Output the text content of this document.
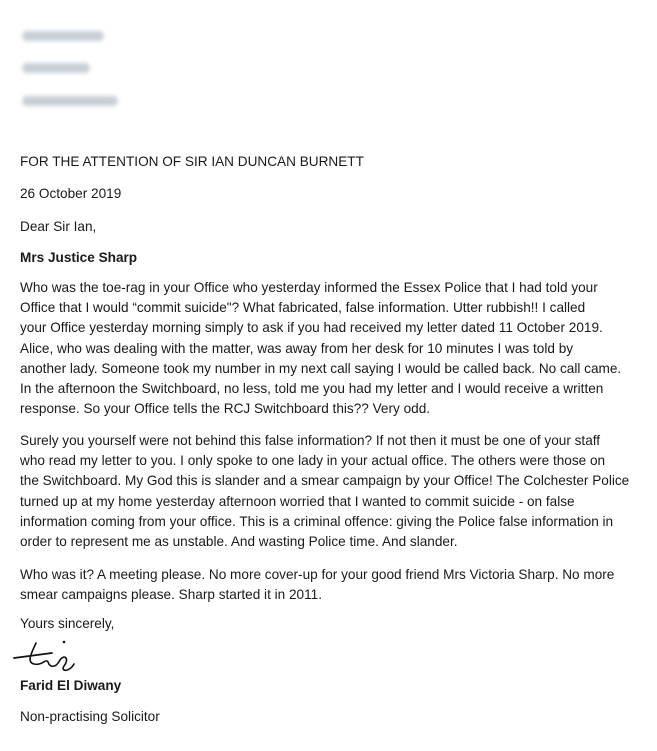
FOR THE ATTENTION OF SIR IAN DUNCAN BURNETT
26 October 2019
Dear Sir Ian,
Mrs Justice Sharp
Who was the toe-rag in your Office who yesterday informed the Essex Police that I had told your
Office that I would “commit suicide"? What fabricated, false information. Utter rubbish!! I called
your Office yesterday morning simply to ask if you had received my letter dated 11 October 2019.
Alice, who was dealing with the matter, was away from her desk for 10 minutes I was told by
another lady. Someone took my number in my next call saying I would be called back. No call came.
In the afternoon the Switchboard, no less, told me you had my letter and I would receive a written
response. So your Office tells the RCJ Switchboard this?? Very odd.
Surely you yourself were not behind this false information? If not then it must be one of your staff
who read my letter to you. I only spoke to one lady in your actual office. The others were those on
the Switchboard. My God this is slander and a smear campaign by your Office! The Colchester Police
turned up at my home yesterday afternoon worried that I wanted to commit suicide - on false
information coming from your office. This is a criminal offence: giving the Police false information in
order to represent me as unstable. And wasting Police time. And slander.
Who was it? A meeting please. No more cover-up for your good friend Mrs Victoria Sharp. No more
smear campaigns please. Sharp started it in 2011.
Yours sincerely,
Farid El Diwany
Non-practising Solicitor
